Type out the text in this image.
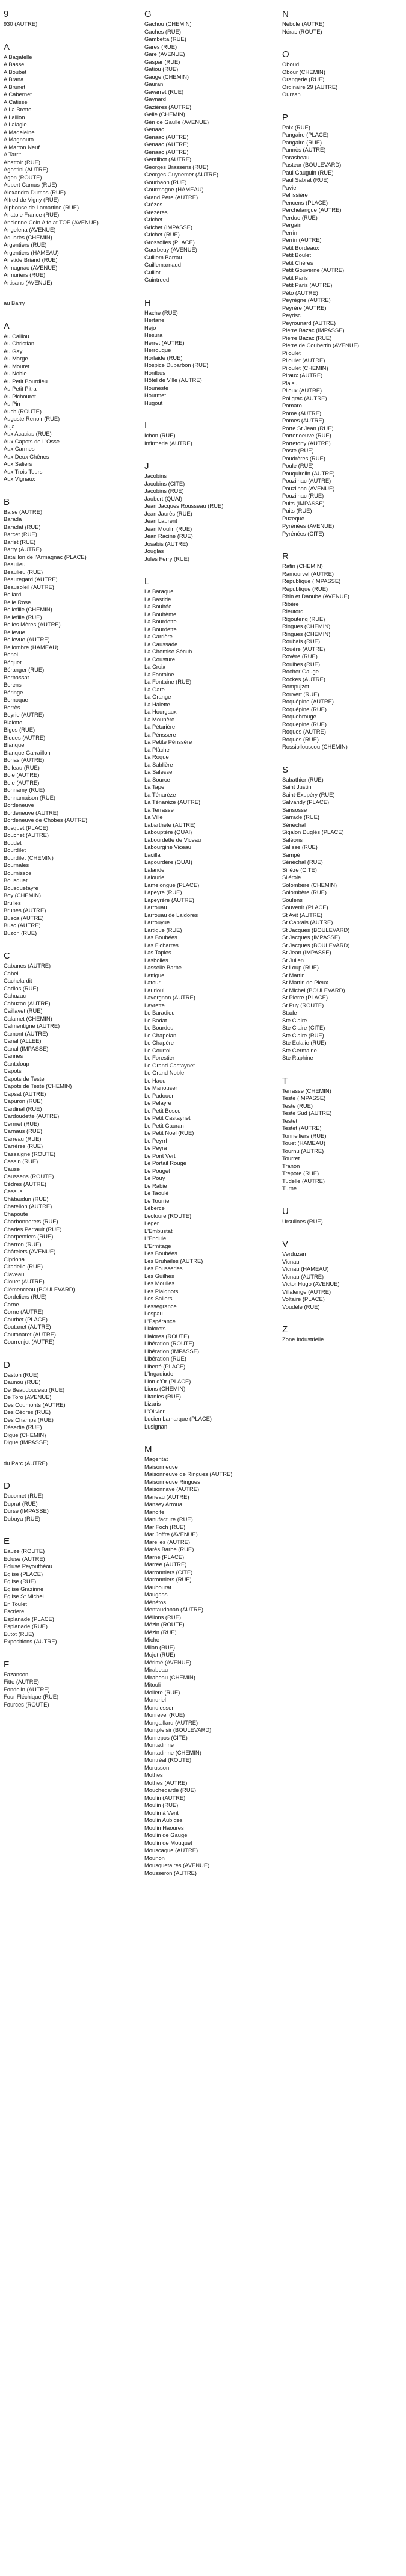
9
930 (AUTRE)
A
A Bagatelle
A Basse
A Boubet
A Brana
A Brunet
A Cabernet
A Catisse
A La Brette
A Laillon
A Lalagie
A Madeleine
A Magnauto
A Marton Neuf
A Tarrit
Abattoir (RUE)
Agostini (AUTRE)
Agen (ROUTE)
Aubert Camus (RUE)
Alexandra Dumas (RUE)
Alfred de Vigny (RUE)
Alphonse de Lamartine (RUE)
Anatole France (RUE)
Ancienne Coin Alfe at TOE (AVENUE)
Angelena (AVENUE)
Aquarès (CHEMIN)
Argentiers (RUE)
Argentiers (HAMEAU)
Aristide Briand (RUE)
Armagnac (AVENUE)
Armuriers (RUE)
Artisans (AVENUE)
au Barry
A
Au Caillou
Au Christian
Au Gay
Au Marge
Au Mouret
Au Noble
Au Petit Bourdieu
Au Petit Pitra
Au Pichouret
Au Pin
Auch (ROUTE)
Auguste Renoir (RUE)
Auja
Aux Acacias (RUE)
Aux Capots de L'Osse
Aux Carmes
Aux Deux Chênes
Aux Saliers
Aux Trois Tours
Aux Vignaux
B
Baise (AUTRE)
Barada
Baradat (RUE)
Barcet (RUE)
Barlet (RUE)
Barry (AUTRE)
Bataillon de l'Armagnac (PLACE)
Beaulieu
Beaulieu (RUE)
Beauregard (AUTRE)
Beausoleil (AUTRE)
Bellard
Belle Rose
Bellefille (CHEMIN)
Bellefille (RUE)
Belles Mères (AUTRE)
Bellevue
Bellevue (AUTRE)
Bellombre (HAMEAU)
Benel
Béquet
Béranger (RUE)
Berbassat
Berens
Béringe
Bernoque
Berrès
Beyrie (AUTRE)
Bialotte
Bigos (RUE)
Bioues (AUTRE)
Blanque
Blanque Garraillon
Bohas (AUTRE)
Boileau (RUE)
Bole (AUTRE)
Bole (AUTRE)
Bonnamy (RUE)
Bonnamaison (RUE)
Bordeneuve
Bordeneuve (AUTRE)
Bordeneuve de Chobes (AUTRE)
Bosquet (PLACE)
Bouchet (AUTRE)
Boudet
Bourdilet
Bourdilet (CHEMIN)
Bournales
Bournissos
Bousquet
Bousquetayre
Boy (CHEMIN)
Brulies
Brunes (AUTRE)
Busca (AUTRE)
Busc (AUTRE)
Buzon (RUE)
C
Cabanes (AUTRE)
Cabel
Cachelardit
Cadios (RUE)
Cahuzac
Cahuzac (AUTRE)
Caillavet (RUE)
Calamet (CHEMIN)
Calmentigne (AUTRE)
Camont (AUTRE)
Canal (ALLEE)
Canal (IMPASSE)
Cannes
Cantaloup
Capots
Capots de Teste
Capots de Teste (CHEMIN)
Capsat (AUTRE)
Capuron (RUE)
Cardinal (RUE)
Cardoudette (AUTRE)
Cermet (RUE)
Carnaus (RUE)
Carreau (RUE)
Carrères (RUE)
Cassaigne (ROUTE)
Cassin (RUE)
Cause
Caussens (ROUTE)
Cèdres (AUTRE)
Cessus
Châtaudun (RUE)
Chatelion (AUTRE)
Chapoute
Charbonnerets (RUE)
Charles Perrault (RUE)
Charpentiers (RUE)
Charron (RUE)
Châtelets (AVENUE)
Cipriona
Citadelle (RUE)
Claveau
Clouet (AUTRE)
Clémenceau (BOULEVARD)
Cordeliers (RUE)
Corne
Corne (AUTRE)
Courbet (PLACE)
Coutanet (AUTRE)
Coutanaret (AUTRE)
Courrenjet (AUTRE)
D
Daston (RUE)
Daunou (RUE)
De Beaudouceau (RUE)
De Toro (AVENUE)
Des Coumonts (AUTRE)
Des Cèdres (RUE)
Des Champs (RUE)
Désertie (RUE)
Digue (CHEMIN)
Digue (IMPASSE)
du Parc (AUTRE)
D
Ducomet (RUE)
Duprat (RUE)
Durse (IMPASSE)
Dubuya (RUE)
E
Eauze (ROUTE)
Ecluse (AUTRE)
Ecluse Peyouthéou
Eglise (PLACE)
Eglise (RUE)
Eglise Grazinne
Eglise St Michel
En Toulet
Escriere
Esplanade (PLACE)
Esplanade (RUE)
Eutot (RUE)
Expositions (AUTRE)
F
Fazanson
Fitte (AUTRE)
Fondelin (AUTRE)
Four Fléchique (RUE)
Fources (ROUTE)
G
Gachou (CHEMIN)
Gaches (RUE)
Gambetta (RUE)
Gares (RUE)
Gare (AVENUE)
Gaspar (RUE)
Gatiou (RUE)
Gauge (CHEMIN)
Gauran
Gavarret (RUE)
Gaynard
Gazières (AUTRE)
Gelle (CHEMIN)
Gén de Gaulle (AVENUE)
Genaac
Genaac (AUTRE)
Genaac (AUTRE)
Genaac (AUTRE)
Gentilhot (AUTRE)
Georges Brassens (RUE)
Georges Guynemer (AUTRE)
Gourbaon (RUE)
Gourmagne (HAMEAU)
Grand Pere (AUTRE)
Grézes
Grezères
Grichet
Grichet (IMPASSE)
Grichet (RUE)
Grossolles (PLACE)
Guerbeuy (AVENUE)
Guillem Barrau
Guillemarnaud
Guillot
Guintreed
H
Hache (RUE)
Hertane
Hejo
Hésura
Herret (AUTRE)
Herrouque
Horlaide (RUE)
Hospice Dubarbon (RUE)
Hontbus
Hôtel de Ville (AUTRE)
Houneste
Hourmet
Hugout
I
Ichon (RUE)
Infirmerie (AUTRE)
J
Jacobins
Jacobins (CITE)
Jacobins (RUE)
Jaubert (QUAI)
Jean Jacques Rousseau (RUE)
Jean Jaurès (RUE)
Jean Laurent
Jean Moulin (RUE)
Jean Racine (RUE)
Josabis (AUTRE)
Jouglas
Jules Ferry (RUE)
L
La Baraque
La Bastide
La Boubée
La Bouhème
La Bourdette
La Bourdette
La Carrière
La Caussade
La Chemise Sécub
La Cousture
La Croix
La Fontaine
La Fontaine (RUE)
La Gare
La Grange
La Halette
La Hourgaux
La Mounère
La Pétarière
La Pénssere
La Petite Pénssère
La Plâche
La Roque
La Sablière
La Salesse
La Source
La Tape
La Ténarèze
La Ténarèze (AUTRE)
La Terrasse
La Ville
Labarthète (AUTRE)
Labouptère (QUAI)
Labourdette de Viceau
Labourgine Viceau
Lacilla
Lagourdère (QUAI)
Lalande
Lalouriel
Lamelongue (PLACE)
Lapeyre (RUE)
Lapeyrère (AUTRE)
Larrouau
Larrouau de Laidores
Larrouyue
Lartigue (RUE)
Las Boubées
Las Ficharres
Las Tapies
Lasbolles
Lasselle Barbe
Lattigue
Latour
Laurioul
Lavergnon (AUTRE)
Layrette
Le Baradieu
Le Badat
Le Bourdeu
Le Chapelan
Le Chapère
Le Courtol
Le Forestier
Le Grand Castaynet
Le Grand Noble
Le Haou
Le Manouser
Le Padouen
Le Pelayre
Le Petit Bosco
Le Petit Castaynet
Le Petit Gauran
Le Petit Noel (RUE)
Le Peyrrl
Le Peyra
Le Pont Vert
Le Portail Rouge
Le Pouget
Le Pouy
Le Rabie
Le Taoulé
Le Tourrie
Léberce
Lectoure (ROUTE)
Leger
L'Embustat
L'Enduie
L'Ermitage
Les Boubées
Les Bruhailes (AUTRE)
Les Fousseries
Les Guilhes
Les Moulies
Les Plaignots
Les Saliers
Lessegrance
Lespau
L'Espérance
Lialorets
Lialores (ROUTE)
Libération (ROUTE)
Libération (IMPASSE)
Libération (RUE)
Liberté (PLACE)
L'Ingadiude
Lion d'Or (PLACE)
Lions (CHEMIN)
Litanies (RUE)
Lizaris
L'Olivier
Lucien Lamarque (PLACE)
Lusignan
M
Magentat
Maisonneuve
Maisonneuve de Ringues (AUTRE)
Maisonneuve Ringues
Maisonnave (AUTRE)
Maneau (AUTRE)
Mansey Arroua
Manolfe
Manufacture (RUE)
Mar Foch (RUE)
Mar Joffre (AVENUE)
Marelies (AUTRE)
Marès Barbe (RUE)
Marne (PLACE)
Marrée (AUTRE)
Marronniers (CITE)
Marronniers (RUE)
Maubourat
Maugaas
Ménétos
Mentaudonan (AUTRE)
Mélions (RUE)
Mézin (ROUTE)
Mézin (RUE)
Miche
Milan (RUE)
Mojot (RUE)
Mérimé (AVENUE)
Mirabeau
Mirabeau (CHEMIN)
Mitouli
Molière (RUE)
Mondriel
Mondlessen
Monrevel (RUE)
Mongaillard (AUTRE)
Montpleisir (BOULEVARD)
Monrepos (CITE)
Montadinne
Montadinne (CHEMIN)
Montréal (ROUTE)
Morusson
Mothes
Mothes (AUTRE)
Mouchegarde (RUE)
Moulin (AUTRE)
Moulin (RUE)
Moulin à Vent
Moulin Aubiges
Moulin Haoures
Moulin de Gauge
Moulin de Mouquet
Mouscaque (AUTRE)
Mounon
Mousquetaires (AVENUE)
Mousseron (AUTRE)
N
Nébole (AUTRE)
Nérac (ROUTE)
O
Oboud
Obour (CHEMIN)
Orangerie (RUE)
Ordinaire 29 (AUTRE)
Ourzan
P
Paix (RUE)
Pangaire (PLACE)
Pangaire (RUE)
Pannès (AUTRE)
Parasbeau
Pasteur (BOULEVARD)
Paul Gauguin (RUE)
Paul Sabrat (RUE)
Paviel
Pellissiére
Pencens (PLACE)
Perchelangue (AUTRE)
Perdue (RUE)
Pergain
Perrin
Perrin (AUTRE)
Petit Bordeaux
Petit Boulet
Petit Chères
Petit Gouverne (AUTRE)
Petit Paris
Petit Paris (AUTRE)
Péto (AUTRE)
Peyrègne (AUTRE)
Peyrère (AUTRE)
Peyrisc
Peyrounard (AUTRE)
Pierre Bazac (IMPASSE)
Pierre Bazac (RUE)
Pierre de Coubertin (AVENUE)
Pijoulet
Pijoulet (AUTRE)
Pijoulet (CHEMIN)
Piraux (AUTRE)
Plaisu
Plieux (AUTRE)
Poligrac (AUTRE)
Pomaro
Pome (AUTRE)
Pomes (AUTRE)
Porte St Jean (RUE)
Portenoeuve (RUE)
Portetony (AUTRE)
Poste (RUE)
Poudrères (RUE)
Poule (RUE)
Pouquirolin (AUTRE)
Pouzilhac (AUTRE)
Pouzilhac (AVENUE)
Pouzilhac (RUE)
Puits (IMPASSE)
Puits (RUE)
Puzeque
Pyrénées (AVENUE)
Pyrénées (CITE)
R
Rafin (CHEMIN)
Ramourvel (AUTRE)
République (IMPASSE)
République (RUE)
Rhin et Danube (AVENUE)
Ribère
Rieutord
Rigoutenq (RUE)
Ringues (CHEMIN)
Ringues (CHEMIN)
Roubals (RUE)
Rouère (AUTRE)
Rovère (RUE)
Roulhes (RUE)
Rocher Gauge
Rockes (AUTRE)
Rompujzot
Rouvert (RUE)
Roquépine (AUTRE)
Roquépine (RUE)
Roquebrouge
Roquepine (RUE)
Roques (AUTRE)
Roquès (RUE)
Rossiollouscou (CHEMIN)
S
Sabathier (RUE)
Saint Justin
Saint-Exupéry (RUE)
Salvandy (PLACE)
Sansosse
Sarrade (RUE)
Sénéchal
Sigalon Duglès (PLACE)
Saléons
Salisse (RUE)
Sampé
Sénéchal (RUE)
Silléze (CITE)
Silérole
Solombère (CHEMIN)
Solombère (RUE)
Soulens
Souvenir (PLACE)
St Avit (AUTRE)
St Caprais (AUTRE)
St Jacques (BOULEVARD)
St Jacques (IMPASSE)
St Jacques (BOULEVARD)
St Jean (IMPASSE)
St Julien
St Loup (RUE)
St Martin
St Martin de Pleux
St Michel (BOULEVARD)
St Pierre (PLACE)
St Puy (ROUTE)
Stade
Ste Claire
Ste Claire (CITE)
Ste Claire (RUE)
Ste Eulalie (RUE)
Ste Germaine
Ste Raphine
T
Terrasse (CHEMIN)
Teste (IMPASSE)
Teste (RUE)
Teste Sud (AUTRE)
Testet
Testet (AUTRE)
Tonnelliers (RUE)
Touet (HAMEAU)
Tournu (AUTRE)
Tourret
Tranon
Trepore (RUE)
Tudelle (AUTRE)
Turne
U
Ursulines (RUE)
V
Verduzan
Vicnau
Vicnau (HAMEAU)
Vicnau (AUTRE)
Victor Hugo (AVENUE)
Villalenge (AUTRE)
Voltaire (PLACE)
Voudèle (RUE)
Z
Zone Industrielle
